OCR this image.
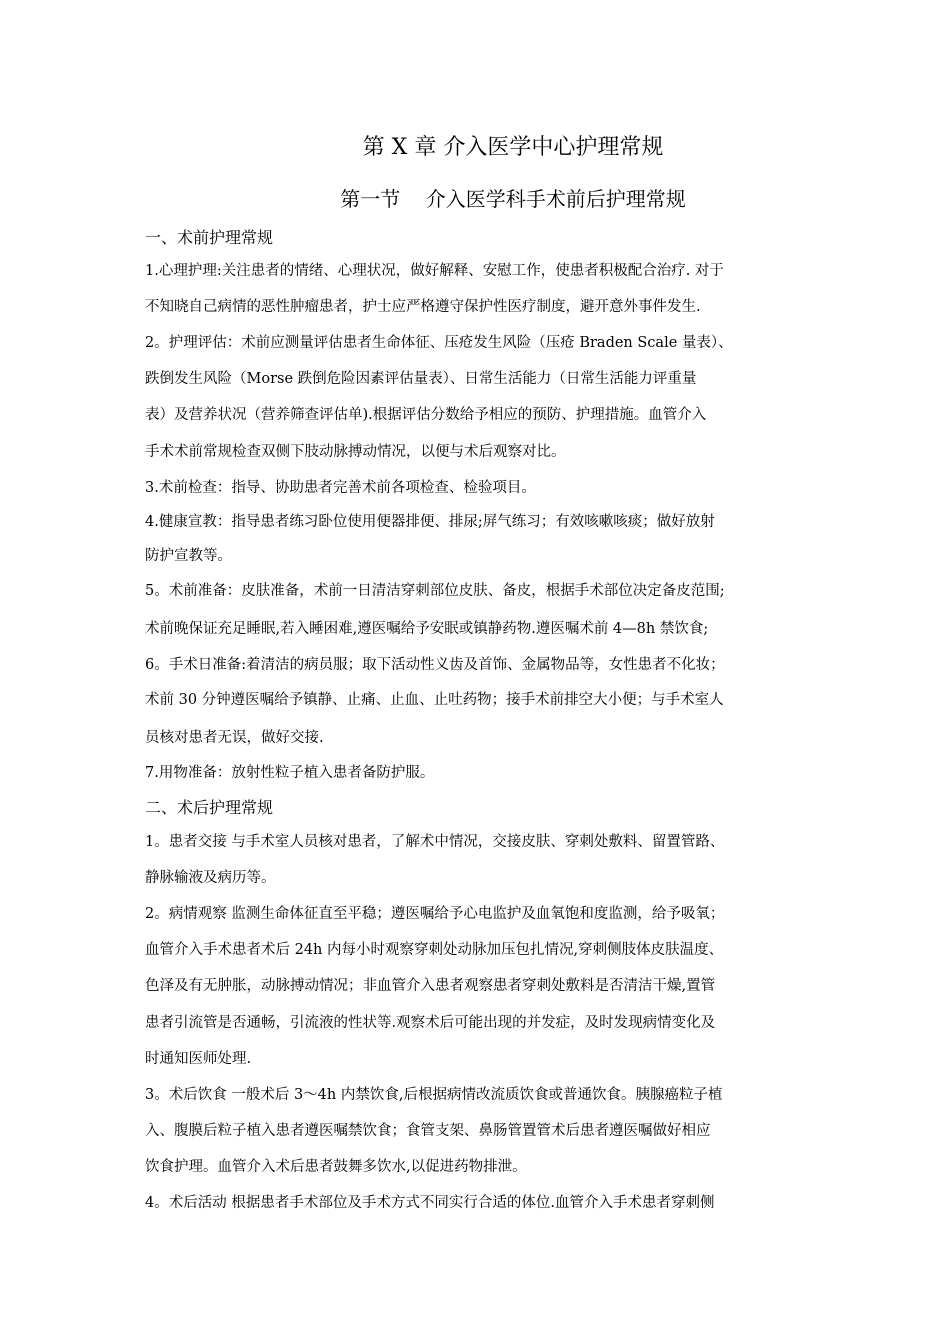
第 X 章 介入医学中心护理常规
第一节    介入医学科手术前后护理常规
一、术前护理常规
1.心理护理:关注患者的情绪、心理状况，做好解释、安慰工作，使患者积极配合治疗. 对于
不知晓自己病情的恶性肿瘤患者，护士应严格遵守保护性医疗制度，避开意外事件发生.
2。护理评估：术前应测量评估患者生命体征、压疮发生风险（压疮 Braden Scale 量表）、
跌倒发生风险（Morse 跌倒危险因素评估量表）、日常生活能力（日常生活能力评重量
表）及营养状况（营养筛查评估单).根据评估分数给予相应的预防、护理措施。血管介入
手术术前常规检查双侧下肢动脉搏动情况，以便与术后观察对比。
3.术前检查：指导、协助患者完善术前各项检查、检验项目。
4.健康宣教：指导患者练习卧位使用便器排便、排尿;屏气练习；有效咳嗽咳痰；做好放射
防护宣教等。
5。术前准备：皮肤准备，术前一日清洁穿刺部位皮肤、备皮，根据手术部位决定备皮范围;
术前晚保证充足睡眠,若入睡困难,遵医嘱给予安眠或镇静药物.遵医嘱术前 4—8h 禁饮食;
6。手术日准备:着清洁的病员服；取下活动性义齿及首饰、金属物品等，女性患者不化妆；
术前 30 分钟遵医嘱给予镇静、止痛、止血、止吐药物；接手术前排空大小便；与手术室人
员核对患者无误，做好交接.
7.用物准备：放射性粒子植入患者备防护服。
二、术后护理常规
1。患者交接 与手术室人员核对患者，了解术中情况，交接皮肤、穿刺处敷料、留置管路、
静脉输液及病历等。
2。病情观察 监测生命体征直至平稳；遵医嘱给予心电监护及血氧饱和度监测，给予吸氧；
血管介入手术患者术后 24h 内每小时观察穿刺处动脉加压包扎情况,穿刺侧肢体皮肤温度、
色泽及有无肿胀，动脉搏动情况；非血管介入患者观察患者穿刺处敷料是否清洁干燥,置管
患者引流管是否通畅，引流液的性状等.观察术后可能出现的并发症，及时发现病情变化及
时通知医师处理.
3。术后饮食 一般术后 3～4h 内禁饮食,后根据病情改流质饮食或普通饮食。胰腺癌粒子植
入、腹膜后粒子植入患者遵医嘱禁饮食；食管支架、鼻肠管置管术后患者遵医嘱做好相应
饮食护理。血管介入术后患者鼓舞多饮水,以促进药物排泄。
4。术后活动 根据患者手术部位及手术方式不同实行合适的体位.血管介入手术患者穿刺侧
